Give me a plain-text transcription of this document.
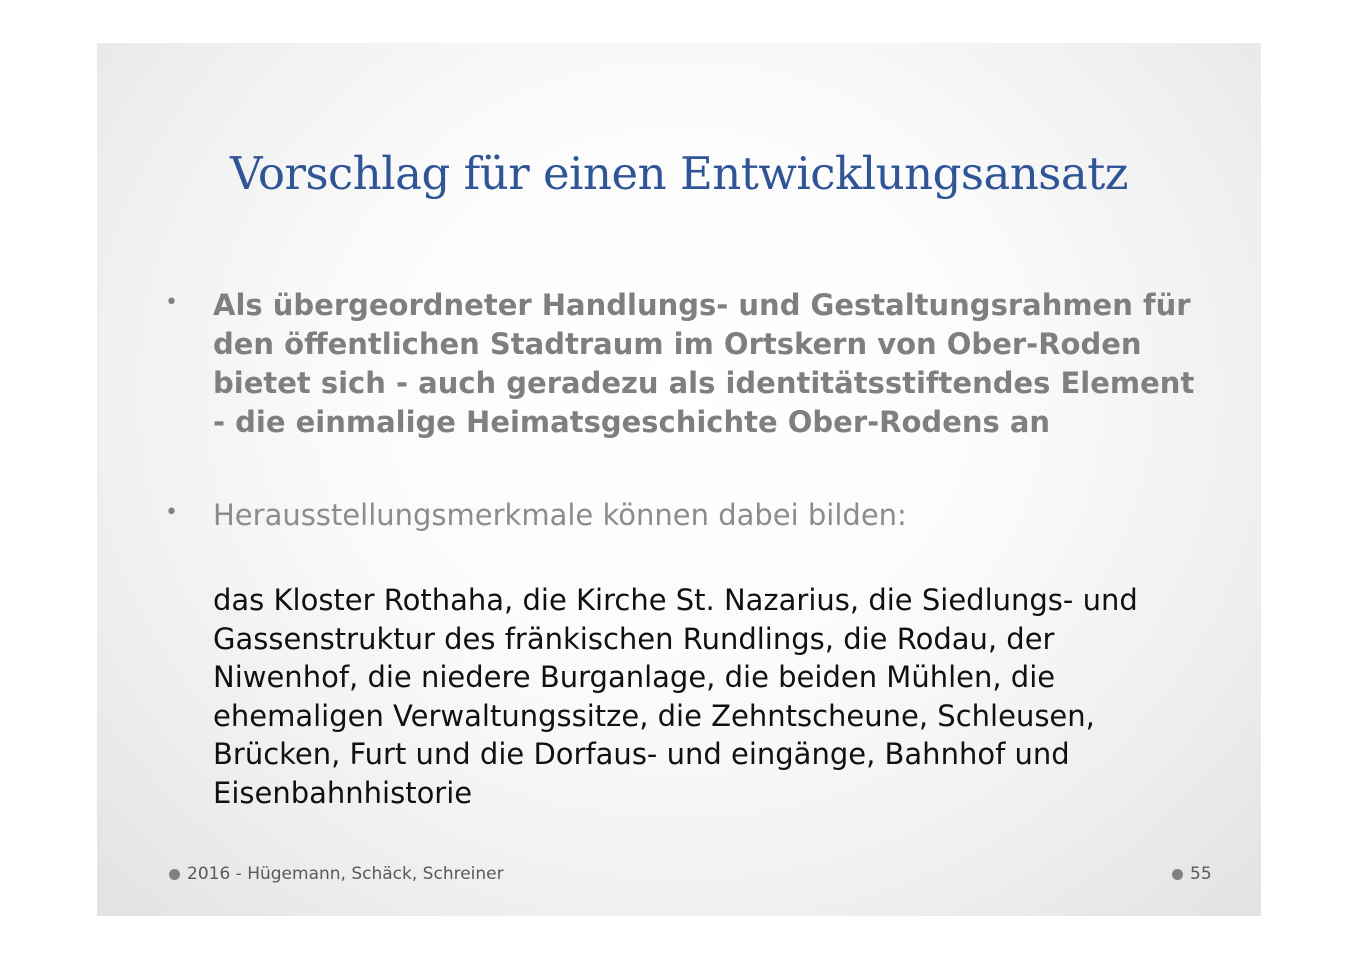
Vorschlag für einen Entwicklungsansatz
• Als übergeordneter Handlungs- und Gestaltungsrahmen für den öffentlichen Stadtraum im Ortskern von Ober-Roden bietet sich - auch geradezu als identitätsstiftendes Element - die einmalige Heimatsgeschichte Ober-Rodens an
• Herausstellungsmerkmale können dabei bilden:
das Kloster Rothaha, die Kirche St. Nazarius, die Siedlungs- und Gassenstruktur des fränkischen Rundlings, die Rodau, der Niwenhof, die niedere Burganlage, die beiden Mühlen, die ehemaligen Verwaltungssitze, die Zehntscheune, Schleusen, Brücken, Furt und die Dorfaus- und eingänge, Bahnhof und Eisenbahnhistorie
2016 - Hügemann, Schäck, Schreiner	55
